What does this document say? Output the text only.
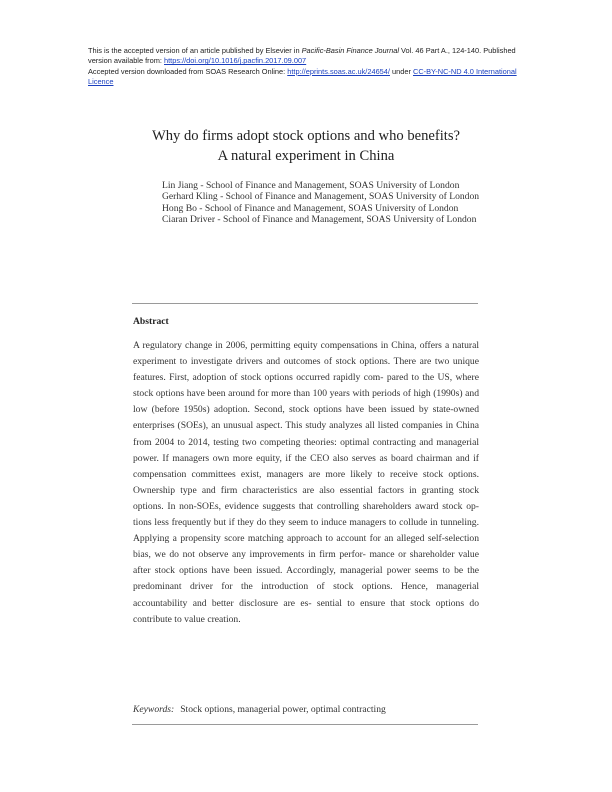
This is the accepted version of an article published by Elsevier in Pacific-Basin Finance Journal Vol. 46 Part A., 124-140. Published version available from: https://doi.org/10.1016/j.pacfin.2017.09.007
Accepted version downloaded from SOAS Research Online: http://eprints.soas.ac.uk/24654/ under CC-BY-NC-ND 4.0 International Licence
Why do firms adopt stock options and who benefits?
A natural experiment in China

Lin Jiang - School of Finance and Management, SOAS University of London

Gerhard Kling - School of Finance and Management, SOAS University of London

Hong Bo - School of Finance and Management, SOAS University of London

Ciaran Driver - School of Finance and Management, SOAS University of London

Abstract
A regulatory change in 2006, permitting equity compensations in China, offers a natural experiment to investigate drivers and outcomes of stock options. There are two unique features. First, adoption of stock options occurred rapidly com- pared to the US, where stock options have been around for more than 100 years with periods of high (1990s) and low (before 1950s) adoption. Second, stock options have been issued by state-owned enterprises (SOEs), an unusual aspect. This study analyzes all listed companies in China from 2004 to 2014, testing two competing theories: optimal contracting and managerial power. If managers own more equity, if the CEO also serves as board chairman and if compensation committees exist, managers are more likely to receive stock options. Ownership type and firm characteristics are also essential factors in granting stock options. In non-SOEs, evidence suggests that controlling shareholders award stock op- tions less frequently but if they do they seem to induce managers to collude in tunneling. Applying a propensity score matching approach to account for an alleged self-selection bias, we do not observe any improvements in firm perfor- mance or shareholder value after stock options have been issued. Accordingly, managerial power seems to be the predominant driver for the introduction of stock options. Hence, managerial accountability and better disclosure are es- sential to ensure that stock options do contribute to value creation.
Keywords: Stock options, managerial power, optimal contracting
